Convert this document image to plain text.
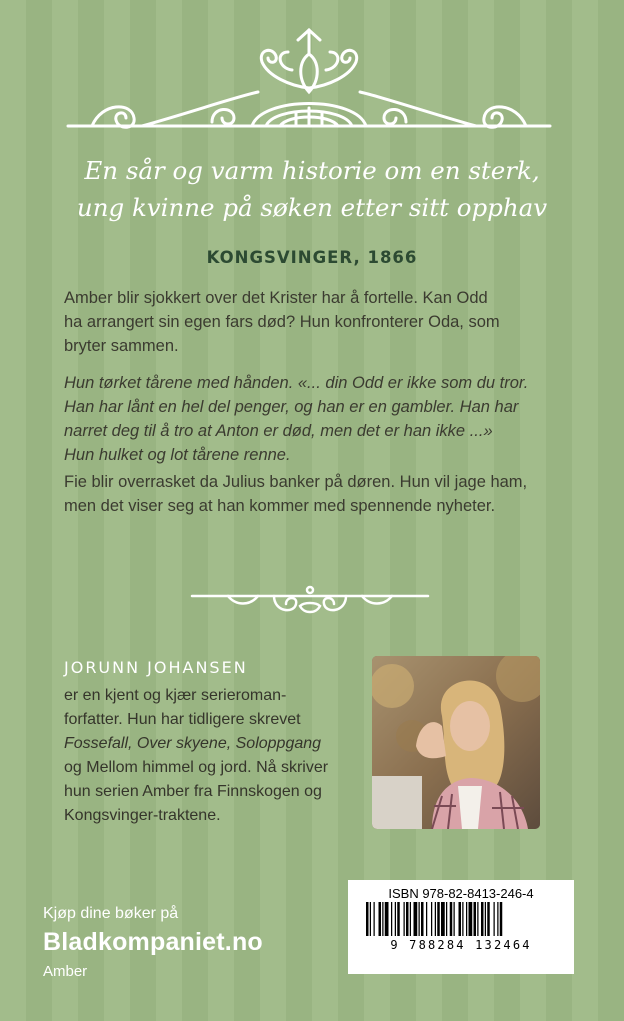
En sår og varm historie om en sterk,
ung kvinne på søken etter sitt opphav
KONGSVINGER, 1866
Amber blir sjokkert over det Krister har å fortelle. Kan Odd
ha arrangert sin egen fars død? Hun konfronterer Oda, som
bryter sammen.
Hun tørket tårene med hånden. «... din Odd er ikke som du tror.
Han har lånt en hel del penger, og han er en gambler. Han har
narret deg til å tro at Anton er død, men det er han ikke ...»
Hun hulket og lot tårene renne.
Fie blir overrasket da Julius banker på døren. Hun vil jage ham,
men det viser seg at han kommer med spennende nyheter.
JORUNN JOHANSEN
er en kjent og kjær serieroman-
forfatter. Hun har tidligere skrevet
Fossefall, Over skyene, Soloppgang
og Mellom himmel og jord. Nå skriver
hun serien Amber fra Finnskogen og
Kongsvinger-traktene.
Kjøp dine bøker på
Bladkompaniet.no
Amber
ISBN 978-82-8413-246-4
9 788284 132464
